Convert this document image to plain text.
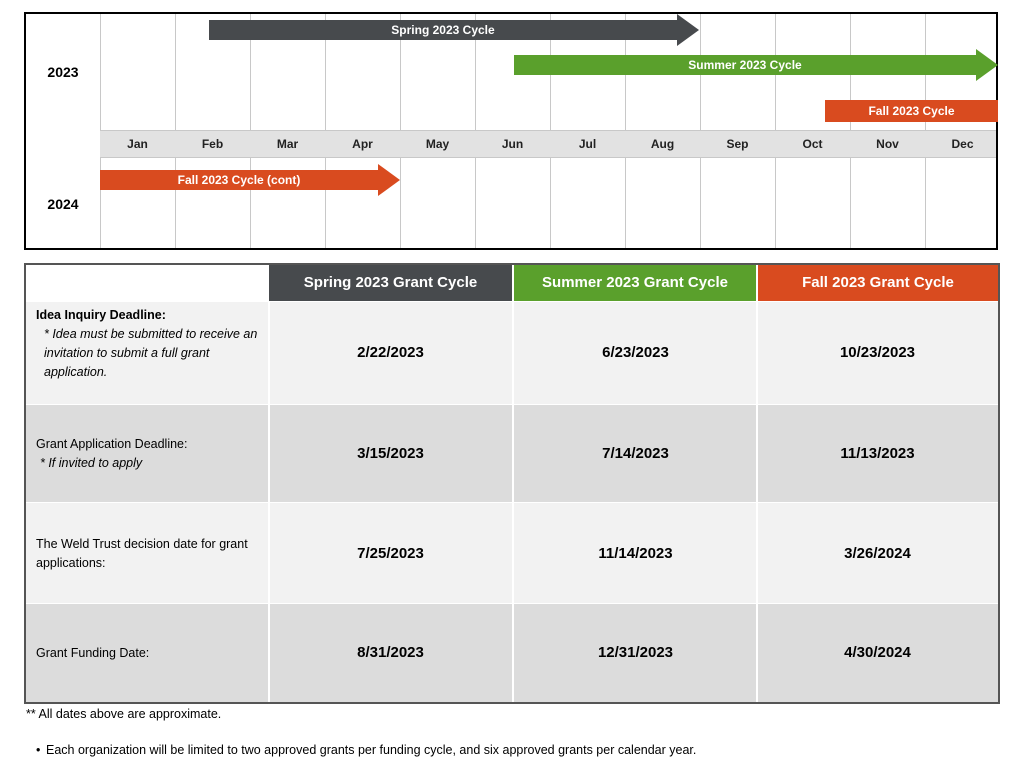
2023
2024
Jan	Feb	Mar	Apr	May	Jun	Jul	Aug	Sep	Oct	Nov	Dec
Spring 2023 Cycle
Summer 2023 Cycle
Fall 2023 Cycle
Fall 2023 Cycle (cont)
Spring 2023 Grant Cycle	Summer 2023 Grant Cycle	Fall 2023 Grant Cycle
Idea Inquiry Deadline:
* Idea must be submitted to receive an invitation to submit a full grant application.
2/22/2023	6/23/2023	10/23/2023
Grant Application Deadline:
* If invited to apply
3/15/2023	7/14/2023	11/13/2023
The Weld Trust decision date for grant applications:
7/25/2023	11/14/2023	3/26/2024
Grant Funding Date:	8/31/2023	12/31/2023	4/30/2024
** All dates above are approximate.
• Each organization will be limited to two approved grants per funding cycle, and six approved grants per calendar year.
